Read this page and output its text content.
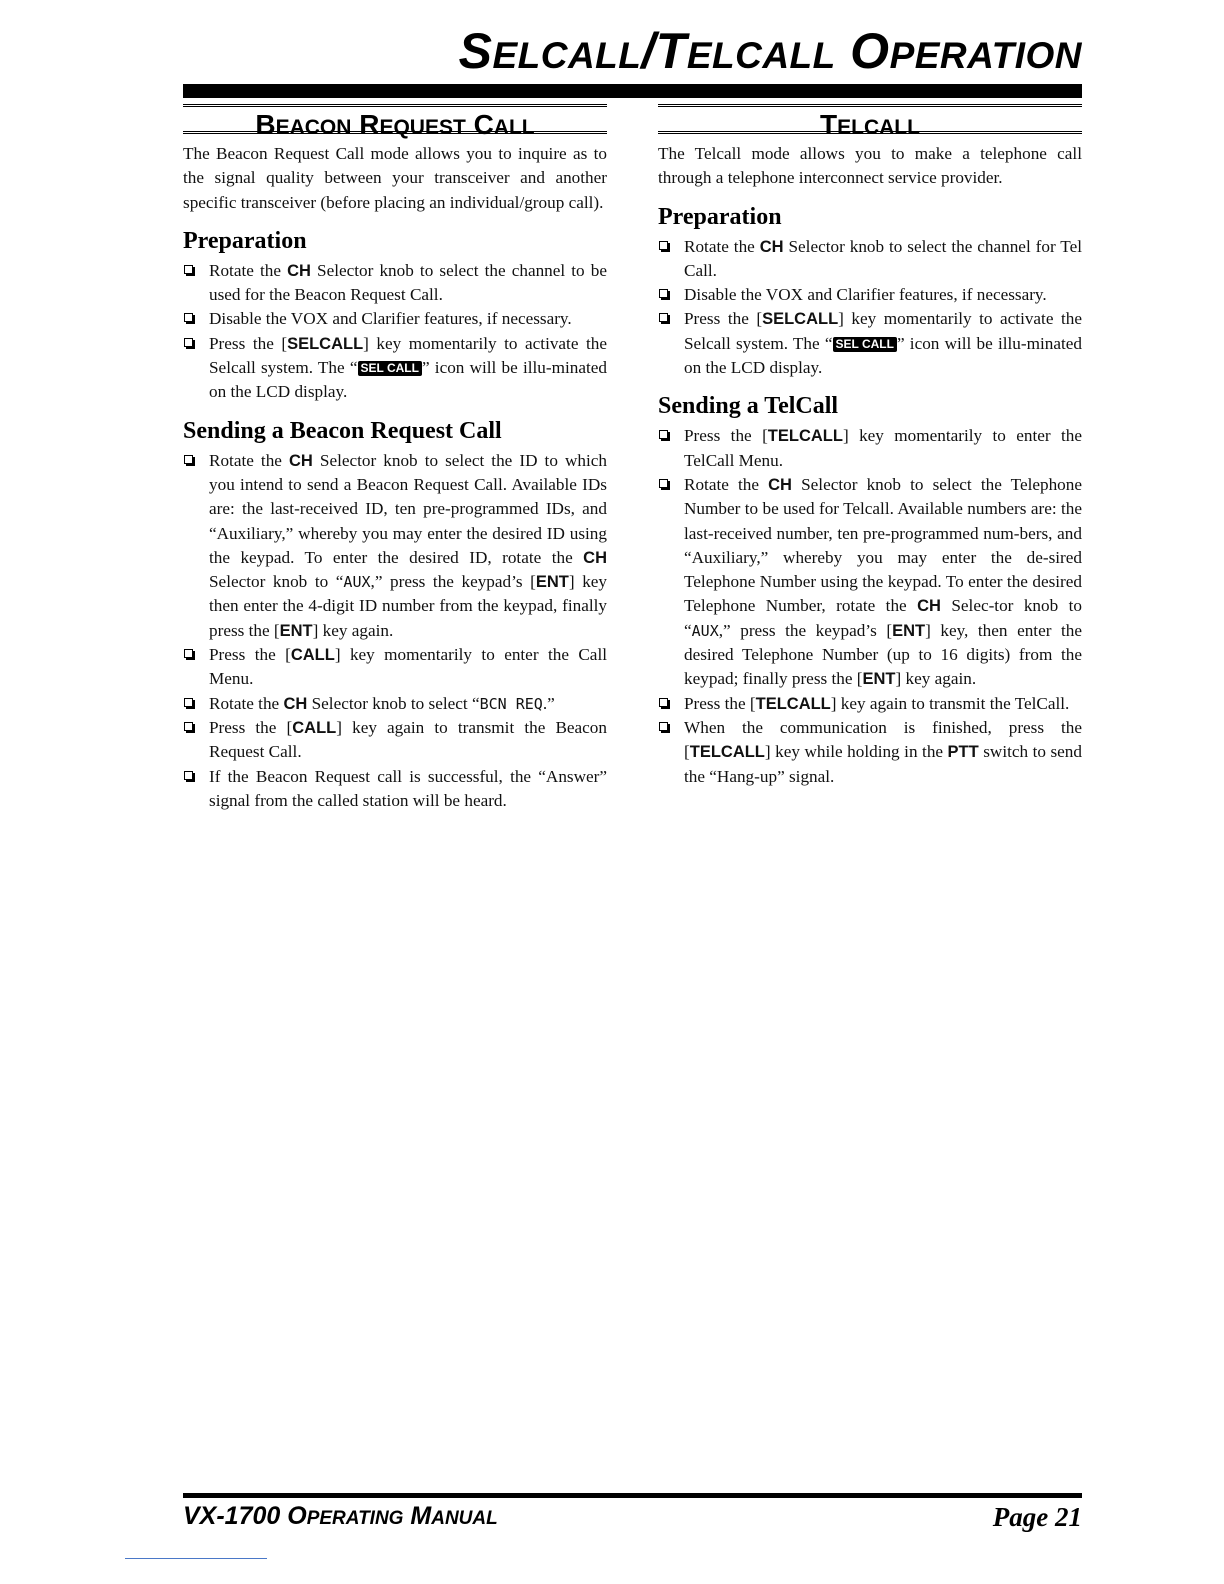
SELCALL/TELCALL OPERATION
BEACON REQUEST CALL

The Beacon Request Call mode allows you to inquire as to the signal quality between your transceiver and another specific transceiver (before placing an individual/group call).

Preparation
Rotate the CH Selector knob to select the channel to be used for the Beacon Request Call.
Disable the VOX and Clarifier features, if necessary.
Press the [SELCALL] key momentarily to activate the Selcall system. The “ SEL CALL ” icon will be illu-minated on the LCD display.
Sending a Beacon Request Call
Rotate the CH Selector knob to select the ID to which you intend to send a Beacon Request Call. Available IDs are: the last-received ID, ten pre-programmed IDs, and “Auxiliary,” whereby you may enter the desired ID using the keypad. To enter the desired ID, rotate the CH Selector knob to “AUX,” press the keypad’s [ENT] key then enter the 4-digit ID number from the keypad, finally press the [ENT] key again.
Press the [CALL] key momentarily to enter the Call Menu.
Rotate the CH Selector knob to select “BCN REQ.”
Press the [CALL] key again to transmit the Beacon Request Call.
If the Beacon Request call is successful, the “Answer” signal from the called station will be heard.
TELCALL

The Telcall mode allows you to make a telephone call through a telephone interconnect service provider.

Preparation
Rotate the CH Selector knob to select the channel for Tel Call.
Disable the VOX and Clarifier features, if necessary.
Press the [SELCALL] key momentarily to activate the Selcall system. The “ SEL CALL ” icon will be illu-minated on the LCD display.
Sending a TelCall
Press the [TELCALL] key momentarily to enter the TelCall Menu.
Rotate the CH Selector knob to select the Telephone Number to be used for Telcall. Available numbers are: the last-received number, ten pre-programmed num-bers, and “Auxiliary,” whereby you may enter the de-sired Telephone Number using the keypad. To enter the desired Telephone Number, rotate the CH Selec-tor knob to “AUX,” press the keypad’s [ENT] key, then enter the desired Telephone Number (up to 16 digits) from the keypad; finally press the [ENT] key again.
Press the [TELCALL] key again to transmit the TelCall.
When the communication is finished, press the [TELCALL] key while holding in the PTT switch to send the “Hang-up” signal.
VX-1700 OPERATING MANUAL	Page 21
